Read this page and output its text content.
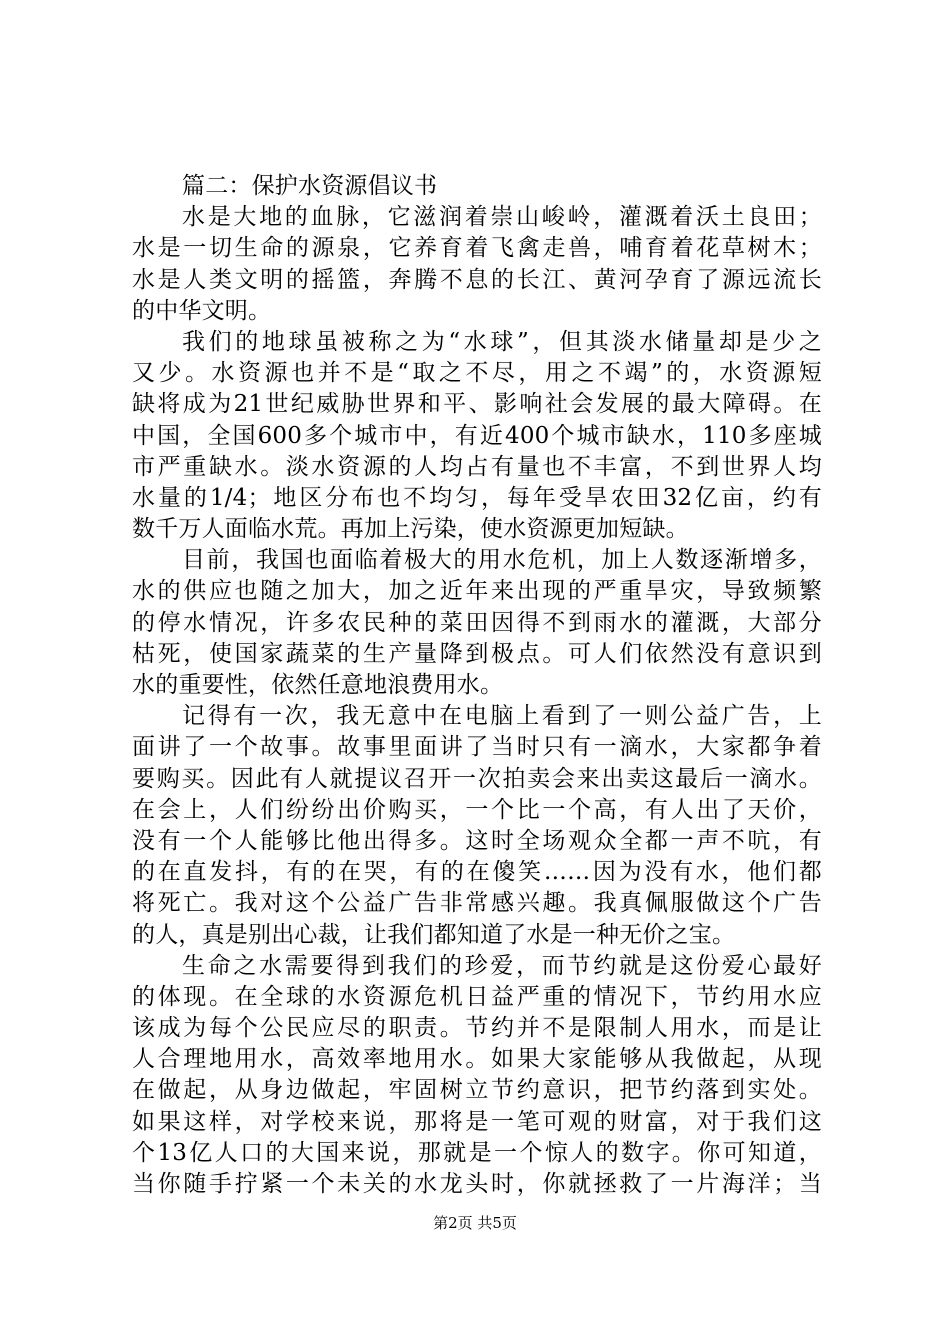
篇二：保护水资源倡议书
水是大地的血脉，它滋润着崇山峻岭，灌溉着沃土良田；
水是一切生命的源泉，它养育着飞禽走兽，哺育着花草树木；
水是人类文明的摇篮，奔腾不息的长江、黄河孕育了源远流长
的中华文明。
我们的地球虽被称之为“水球”，但其淡水储量却是少之
又少。水资源也并不是“取之不尽，用之不竭”的，水资源短
缺将成为21世纪威胁世界和平、影响社会发展的最大障碍。在
中国，全国600多个城市中，有近400个城市缺水，110多座城
市严重缺水。淡水资源的人均占有量也不丰富，不到世界人均
水量的1/4；地区分布也不均匀，每年受旱农田32亿亩，约有
数千万人面临水荒。再加上污染，使水资源更加短缺。
目前，我国也面临着极大的用水危机，加上人数逐渐增多，
水的供应也随之加大，加之近年来出现的严重旱灾，导致频繁
的停水情况，许多农民种的菜田因得不到雨水的灌溉，大部分
枯死，使国家蔬菜的生产量降到极点。可人们依然没有意识到
水的重要性，依然任意地浪费用水。
记得有一次，我无意中在电脑上看到了一则公益广告，上
面讲了一个故事。故事里面讲了当时只有一滴水，大家都争着
要购买。因此有人就提议召开一次拍卖会来出卖这最后一滴水。
在会上，人们纷纷出价购买，一个比一个高，有人出了天价，
没有一个人能够比他出得多。这时全场观众全都一声不吭，有
的在直发抖，有的在哭，有的在傻笑……因为没有水，他们都
将死亡。我对这个公益广告非常感兴趣。我真佩服做这个广告
的人，真是别出心裁，让我们都知道了水是一种无价之宝。
生命之水需要得到我们的珍爱，而节约就是这份爱心最好
的体现。在全球的水资源危机日益严重的情况下，节约用水应
该成为每个公民应尽的职责。节约并不是限制人用水，而是让
人合理地用水，高效率地用水。如果大家能够从我做起，从现
在做起，从身边做起，牢固树立节约意识，把节约落到实处。
如果这样，对学校来说，那将是一笔可观的财富，对于我们这
个13亿人口的大国来说，那就是一个惊人的数字。你可知道，
当你随手拧紧一个未关的水龙头时，你就拯救了一片海洋；当
第2页 共5页
